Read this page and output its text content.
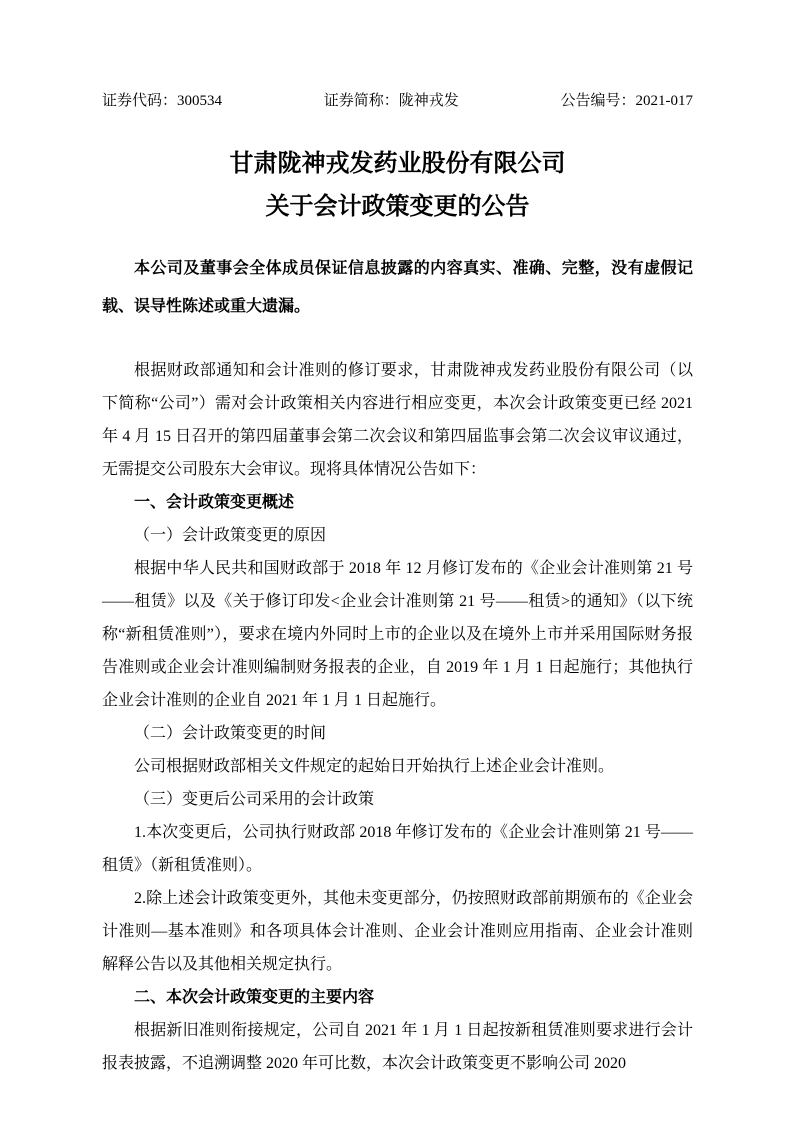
证券代码：300534	证券简称：陇神戎发	公告编号：2021-017
甘肃陇神戎发药业股份有限公司
关于会计政策变更的公告
本公司及董事会全体成员保证信息披露的内容真实、准确、完整，没有虚假记载、误导性陈述或重大遗漏。
根据财政部通知和会计准则的修订要求，甘肃陇神戎发药业股份有限公司（以下简称“公司”）需对会计政策相关内容进行相应变更，本次会计政策变更已经 2021 年 4 月 15 日召开的第四届董事会第二次会议和第四届监事会第二次会议审议通过，无需提交公司股东大会审议。现将具体情况公告如下：
一、会计政策变更概述
（一）会计政策变更的原因
根据中华人民共和国财政部于 2018 年 12 月修订发布的《企业会计准则第 21 号——租赁》以及《关于修订印发<企业会计准则第 21 号——租赁>的通知》（以下统称“新租赁准则”），要求在境内外同时上市的企业以及在境外上市并采用国际财务报告准则或企业会计准则编制财务报表的企业，自 2019 年 1 月 1 日起施行；其他执行企业会计准则的企业自 2021 年 1 月 1 日起施行。
（二）会计政策变更的时间
公司根据财政部相关文件规定的起始日开始执行上述企业会计准则。
（三）变更后公司采用的会计政策
1.本次变更后，公司执行财政部 2018 年修订发布的《企业会计准则第 21 号——租赁》（新租赁准则）。
2.除上述会计政策变更外，其他未变更部分，仍按照财政部前期颁布的《企业会计准则—基本准则》和各项具体会计准则、企业会计准则应用指南、企业会计准则解释公告以及其他相关规定执行。
二、本次会计政策变更的主要内容
根据新旧准则衔接规定，公司自 2021 年 1 月 1 日起按新租赁准则要求进行会计报表披露，不追溯调整 2020 年可比数，本次会计政策变更不影响公司 2020
